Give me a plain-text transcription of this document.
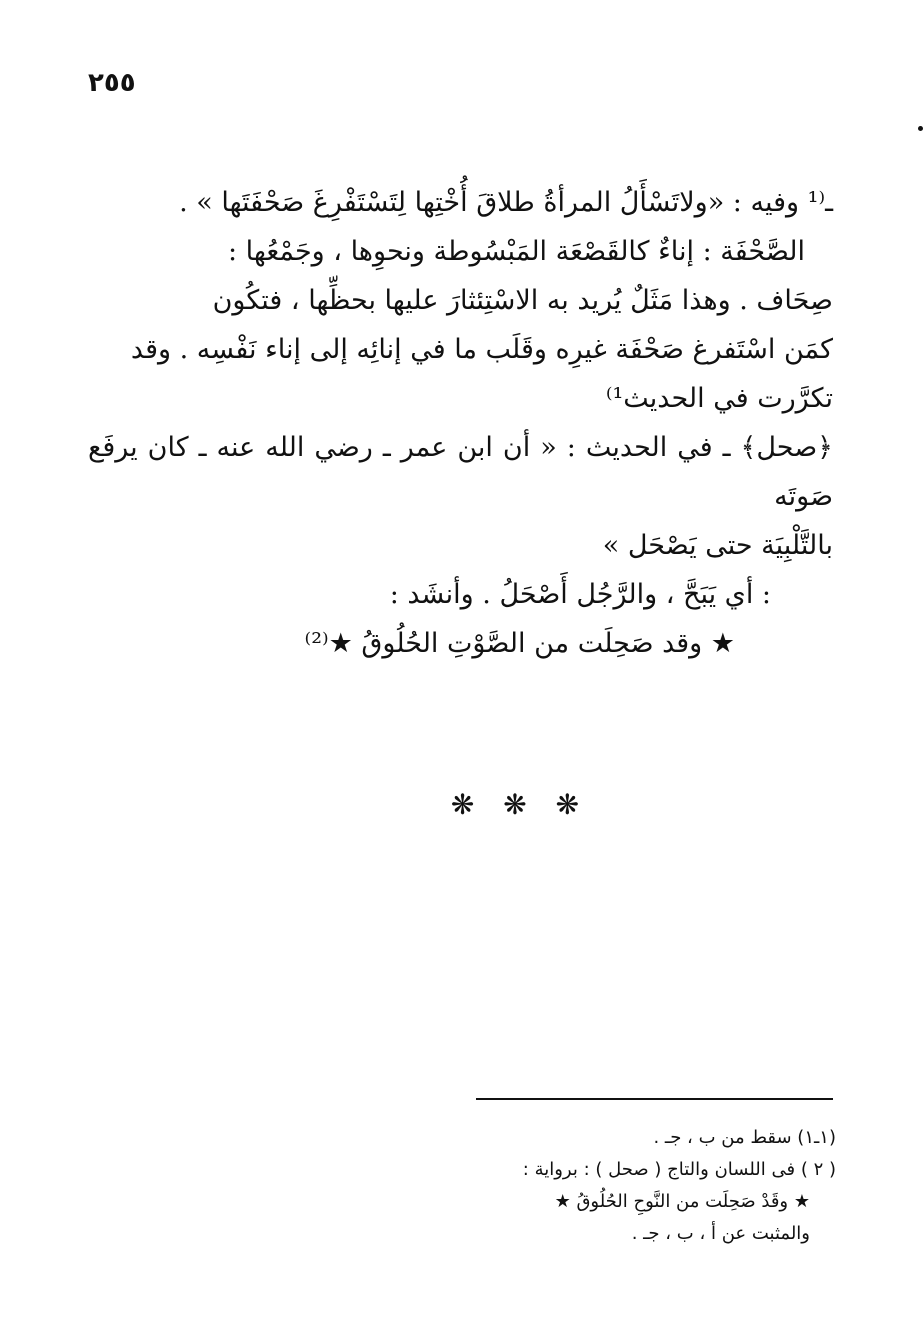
٢٥٥

ـ⁽¹ وفيه : «ولاتَسْأَلُ المرأةُ طلاقَ أُخْتِها لِتَسْتَفْرِغَ صَحْفَتَها » .

الصَّحْفَة : إناءٌ كالقَصْعَة المَبْسُوطة ونحوِها ، وجَمْعُها :

صِحَاف . وهذا مَثَلٌ يُريد به الاسْتِئثارَ عليها بحظِّها ، فتكُون

كمَن اسْتَفرغ صَحْفَة غيرِه وقَلَب ما في إنائِه إلى إناء نَفْسِه . وقد

تكرَّرت في الحديث¹⁾

﴿صحل﴾ ـ في الحديث : « أن ابن عمر ـ رضي الله عنه ـ كان يرفَع صَوتَه

بالتَّلْبِيَة حتى يَصْحَل »

: أي يَبَحَّ ، والرَّجُل أَصْحَلُ . وأنشَد :

★ وقد صَحِلَت من الصَّوْتِ الحُلُوقُ ★⁽²⁾

❋ ❋ ❋

(١ـ١) سقط من ب ، جـ .

( ٢ ) فى اللسان والتاج ( صحل ) : برواية :

★ وقَدْ صَحِلَت من النَّوحِ الحُلُوقُ ★

والمثبت عن أ ، ب ، جـ .
